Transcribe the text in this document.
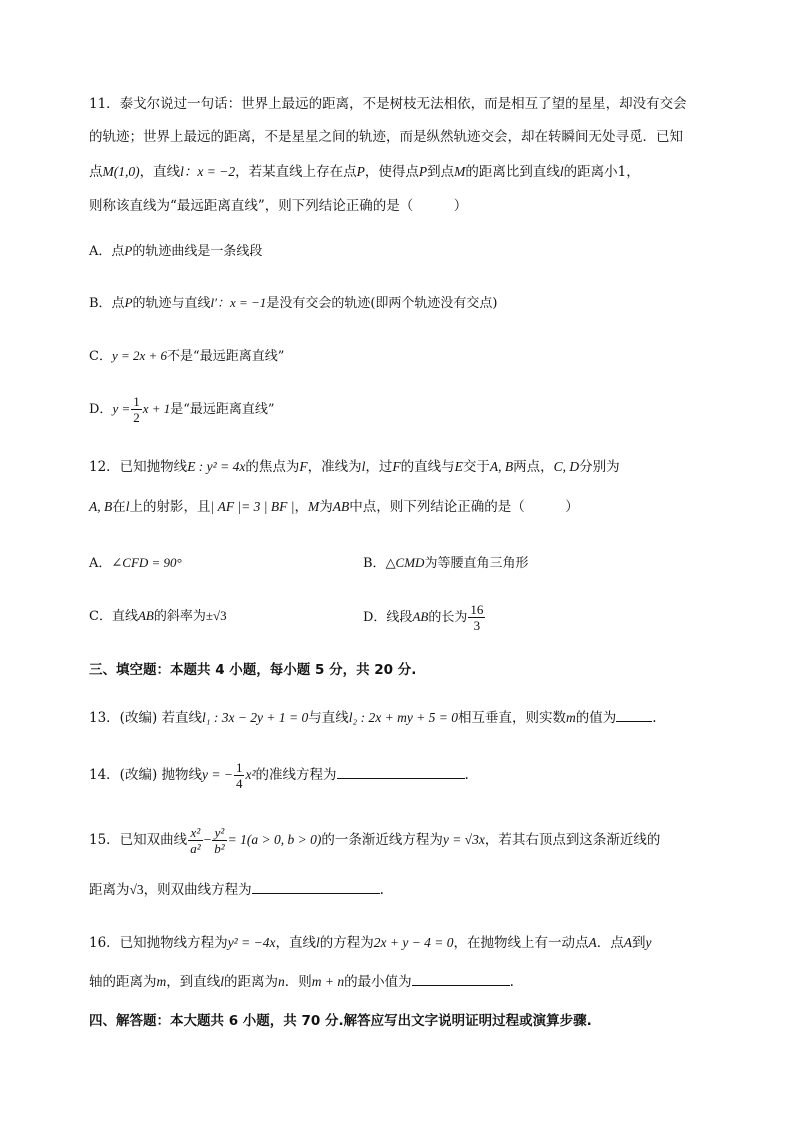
11．泰戈尔说过一句话：世界上最远的距离，不是树枝无法相依，而是相互了望的星星，却没有交会
的轨迹；世界上最远的距离，不是星星之间的轨迹，而是纵然轨迹交会，却在转瞬间无处寻觅．已知
点M(1,0)，直线l：x = −2，若某直线上存在点P，使得点P到点M的距离比到直线l的距离小1，
则称该直线为“最远距离直线”，则下列结论正确的是（　　　）
A．点P的轨迹曲线是一条线段
B．点P的轨迹与直线l′：x = −1是没有交会的轨迹(即两个轨迹没有交点)
C．y = 2x + 6不是“最远距离直线”
D．$y = \frac{1}{2}$ x + 1是“最远距离直线”
12．已知抛物线E : y² = 4x的焦点为F，准线为l，过F的直线与E交于A, B两点，C, D分别为
A, B在l上的射影，且| AF |= 3 | BF |，M为AB中点，则下列结论正确的是（　　　）
A．∠CFD = 90°	B．△CMD为等腰直角三角形
C．直线AB的斜率为±√3	D．线段AB的长为 $\frac{16}{3}$
三、填空题：本题共 4 小题，每小题 5 分，共 20 分.
13．(改编) 若直线l₁ : 3x − 2y + 1 = 0与直线l₂ : 2x + my + 5 = 0相互垂直，则实数m的值为	.
14．(改编) 抛物线y = − $\frac{1}{4} x^2$的准线方程为	.
15．已知双曲线 $\frac{\text{x²}}{\text{a²}} - \frac{\text{y²}}{\text{b²}} = 1(a > 0$, b > 0)的一条渐近线方程为y = √3x，若其右顶点到这条渐近线的
距离为√3，则双曲线方程为	.
16．已知抛物线方程为y² = −4x，直线l的方程为2x + y − 4 = 0，在抛物线上有一动点A．点A到y
轴的距离为m，到直线l的距离为n．则m + n的最小值为	.
四、解答题：本大题共 6 小题，共 70 分.解答应写出文字说明证明过程或演算步骤.
